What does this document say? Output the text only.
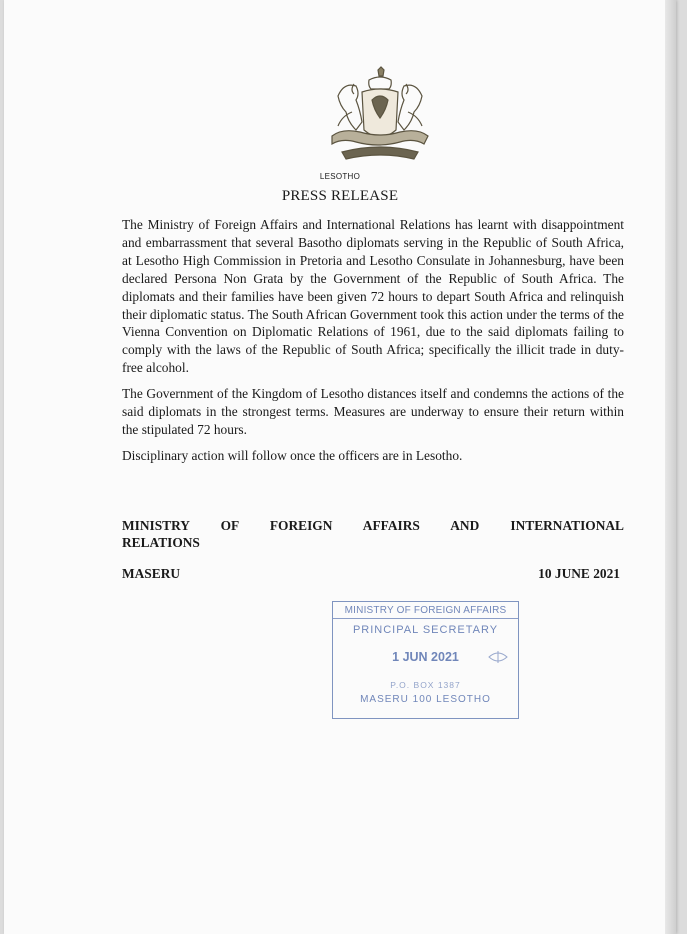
LESOTHO
PRESS RELEASE

The Ministry of Foreign Affairs and International Relations has learnt with disappointment and embarrassment that several Basotho diplomats serving in the Republic of South Africa, at Lesotho High Commission in Pretoria and Lesotho Consulate in Johannesburg, have been declared Persona Non Grata by the Government of the Republic of South Africa. The diplomats and their families have been given 72 hours to depart South Africa and relinquish their diplomatic status. The South African Government took this action under the terms of the Vienna Convention on Diplomatic Relations of 1961, due to the said diplomats failing to comply with the laws of the Republic of South Africa; specifically the illicit trade in duty-free alcohol.

The Government of the Kingdom of Lesotho distances itself and condemns the actions of the said diplomats in the strongest terms. Measures are underway to ensure their return within the stipulated 72 hours.

Disciplinary action will follow once the officers are in Lesotho.

MINISTRY OF FOREIGN AFFAIRS AND INTERNATIONAL
RELATIONS
MASERU	10 JUNE 2021
MINISTRY OF FOREIGN AFFAIRS
PRINCIPAL SECRETARY
1 JUN 2021
P.O. BOX 1387
MASERU 100 LESOTHO
